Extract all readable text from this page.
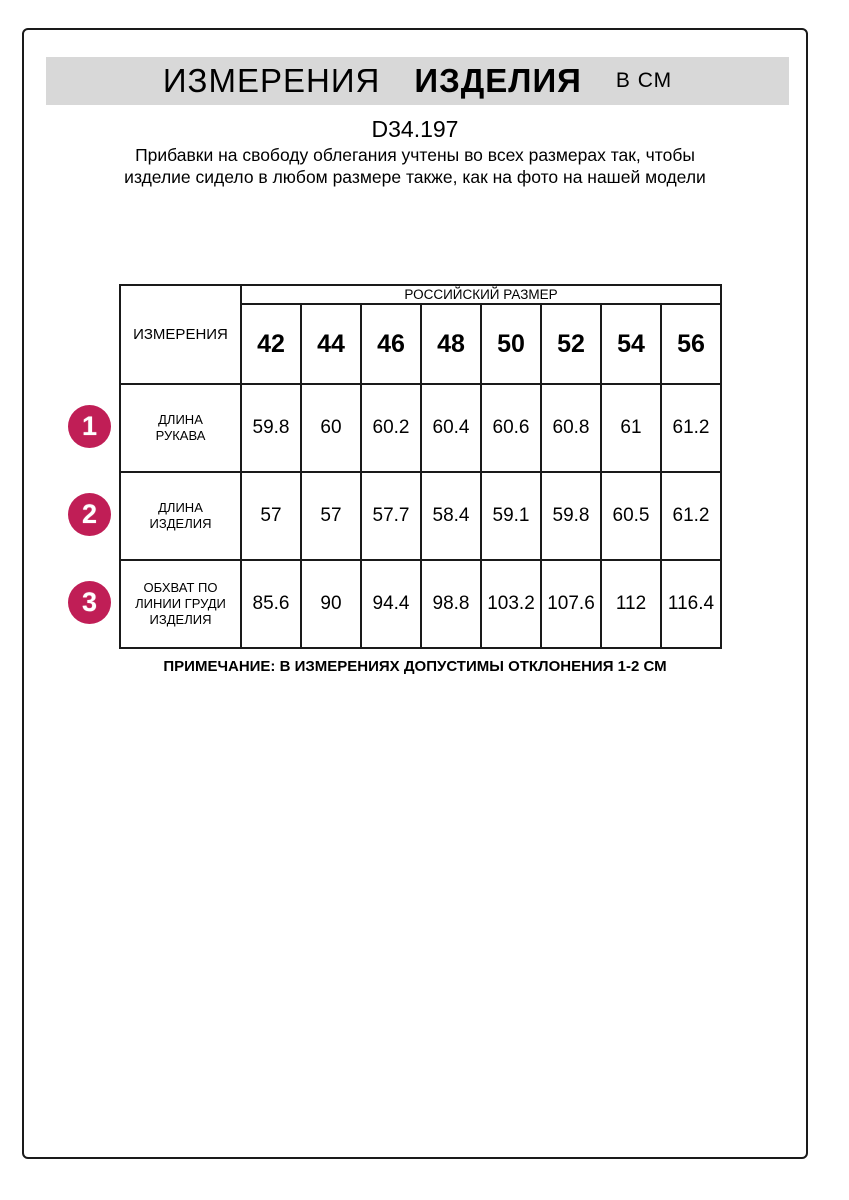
ИЗМЕРЕНИЯ ИЗДЕЛИЯ В СМ
D34.197
Прибавки на свободу облегания учтены во всех размерах так, чтобы изделие сидело в любом размере также, как на фото на нашей модели
1
2
3
ИЗМЕРЕНИЯ	РОССИЙСКИЙ РАЗМЕР							
	42	44	46	48	50	52	54	56
ДЛИНА РУКАВА	59.8	60	60.2	60.4	60.6	60.8	61	61.2
ДЛИНА ИЗДЕЛИЯ	57	57	57.7	58.4	59.1	59.8	60.5	61.2
ОБХВАТ ПО ЛИНИИ ГРУДИ ИЗДЕЛИЯ	85.6	90	94.4	98.8	103.2	107.6	112	116.4
ПРИМЕЧАНИЕ: В ИЗМЕРЕНИЯХ ДОПУСТИМЫ ОТКЛОНЕНИЯ 1-2 СМ
